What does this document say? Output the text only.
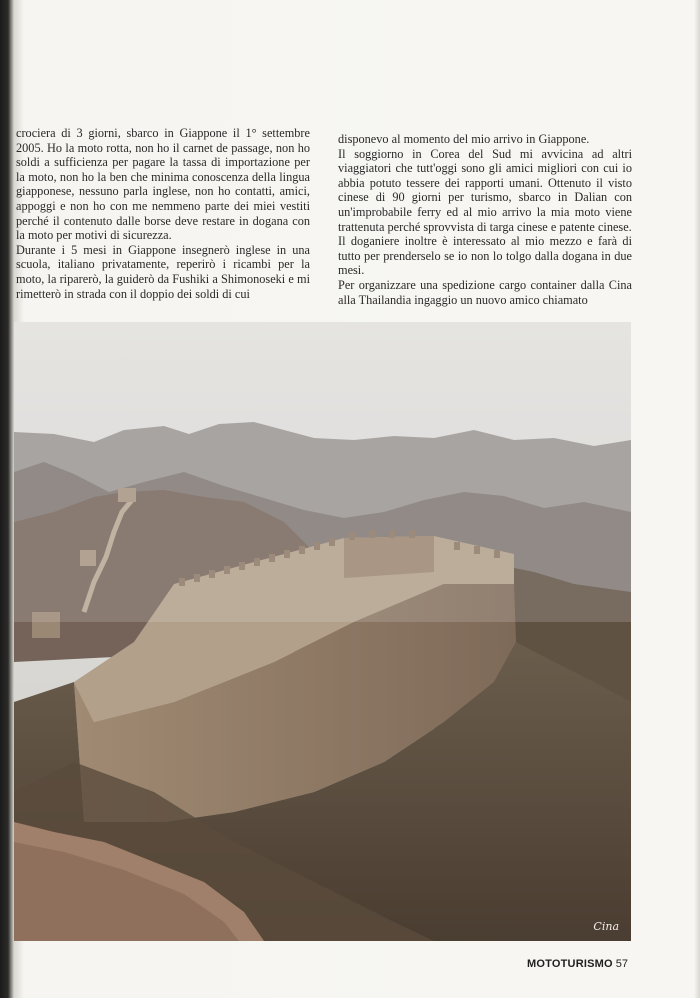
crociera di 3 giorni, sbarco in Giappone il 1° settembre 2005. Ho la moto rotta, non ho il carnet de passage, non ho soldi a sufficienza per pagare la tassa di importazione per la moto, non ho la ben che minima conoscenza della lingua giapponese, nessuno parla inglese, non ho contatti, amici, appoggi e non ho con me nemmeno parte dei miei vestiti perché il contenuto dalle borse deve restare in dogana con la moto per motivi di sicurezza.

Durante i 5 mesi in Giappone insegnerò inglese in una scuola, italiano privatamente, reperirò i ricambi per la moto, la riparerò, la guiderò da Fushiki a Shimonoseki e mi rimetterò in strada con il doppio dei soldi di cui

disponevo al momento del mio arrivo in Giappone.

Il soggiorno in Corea del Sud mi avvicina ad altri viaggiatori che tutt'oggi sono gli amici migliori con cui io abbia potuto tessere dei rapporti umani. Ottenuto il visto cinese di 90 giorni per turismo, sbarco in Dalian con un'improbabile ferry ed al mio arrivo la mia moto viene trattenuta perché sprovvista di targa cinese e patente cinese.

Il doganiere inoltre è interessato al mio mezzo e farà di tutto per prenderselo se io non lo tolgo dalla dogana in due mesi.

Per organizzare una spedizione cargo container dalla Cina alla Thailandia ingaggio un nuovo amico chiamato

Cina
MOTOTURISMO 57
